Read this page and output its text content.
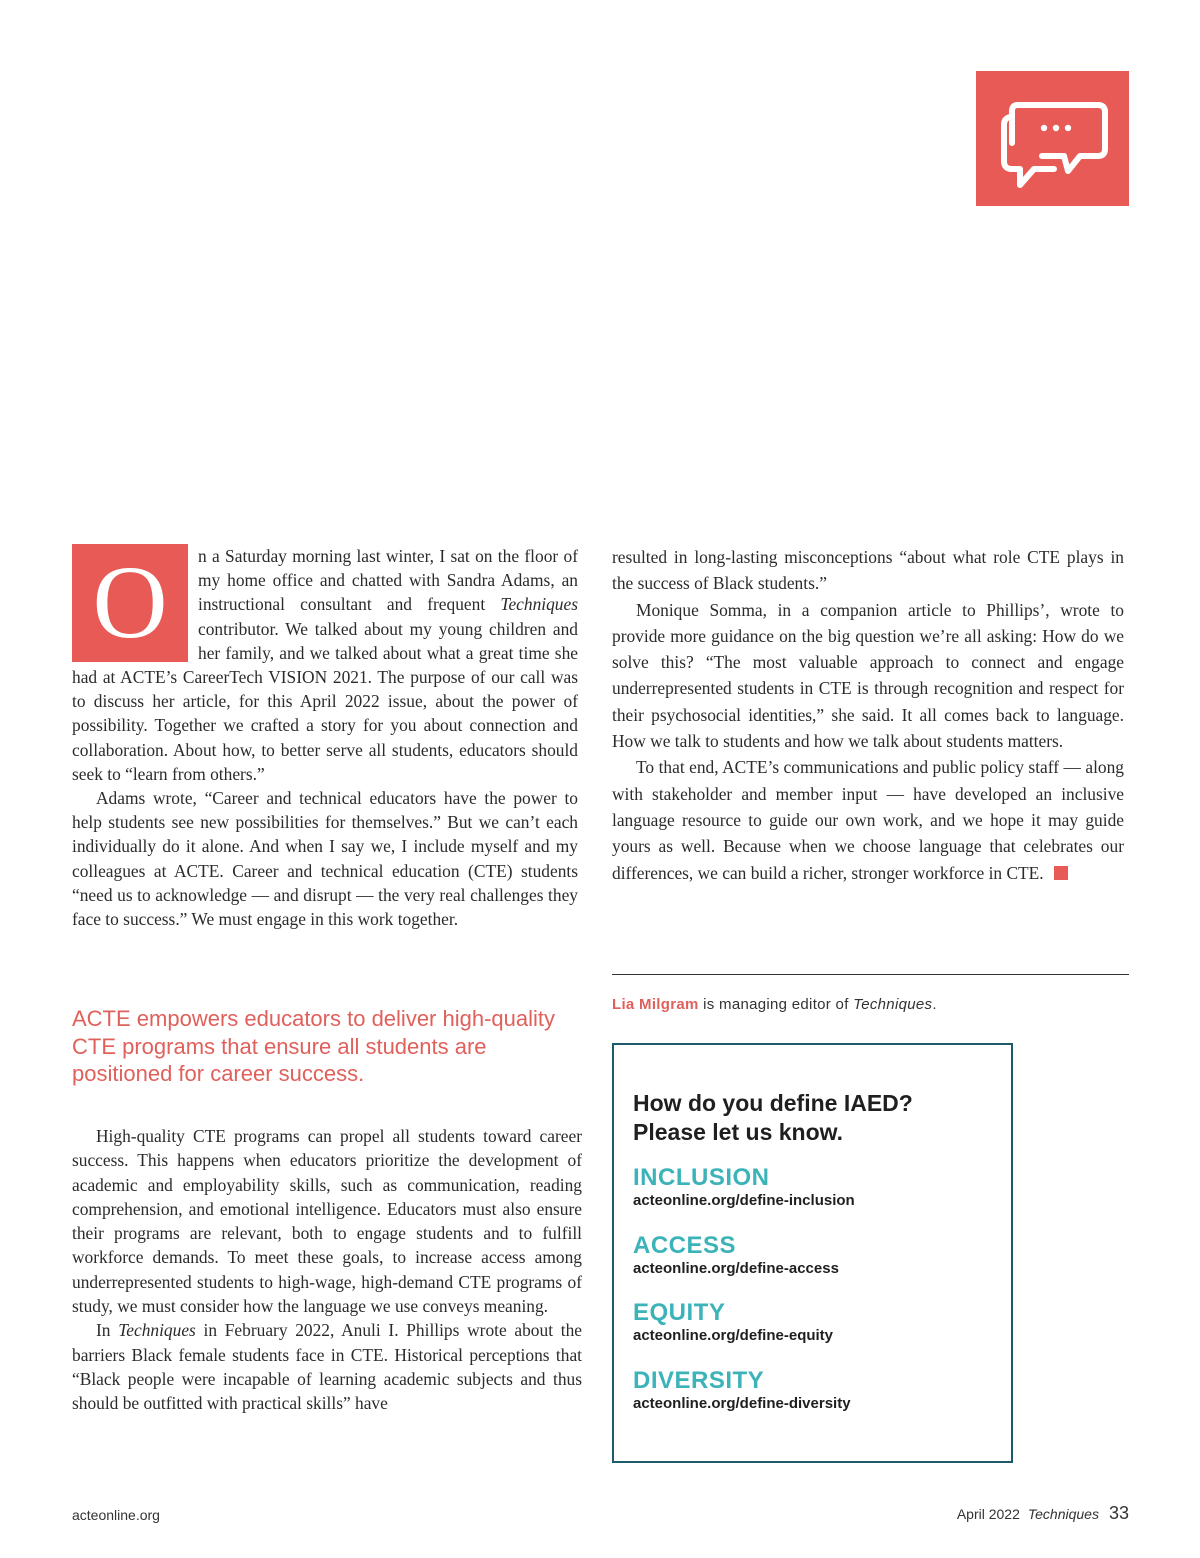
O	n a Saturday morning last winter, I sat on the floor of my home office and chatted with Sandra Adams, an instructional consultant and frequent Techniques contributor. We talked about my young children and her family, and we talked about what a great time she had at ACTE’s CareerTech VISION 2021. The purpose of our call was to discuss her article, for this April 2022 issue, about the power of possibility. Together we crafted a story for you about connection and collaboration. About how, to better serve all students, educators should seek to “learn from others.”

Adams wrote, “Career and technical educators have the power to help students see new possibilities for themselves.” But we can’t each individually do it alone. And when I say we, I include myself and my colleagues at ACTE. Career and technical education (CTE) students “need us to acknowledge — and disrupt — the very real challenges they face to success.” We must engage in this work together.

ACTE empowers educators to deliver high-quality CTE programs that ensure all students are positioned for career success.

High-quality CTE programs can propel all students toward career success. This happens when educators prioritize the development of academic and employability skills, such as communication, reading comprehension, and emotional intelligence. Educators must also ensure their programs are relevant, both to engage students and to fulfill workforce demands. To meet these goals, to increase access among underrepresented students to high-wage, high-demand CTE programs of study, we must consider how the language we use conveys meaning.

In Techniques in February 2022, Anuli I. Phillips wrote about the barriers Black female students face in CTE. Historical perceptions that “Black people were incapable of learning academic subjects and thus should be outfitted with practical skills” have

resulted in long-lasting misconceptions “about what role CTE plays in the success of Black students.”

Monique Somma, in a companion article to Phillips’, wrote to provide more guidance on the big question we’re all asking: How do we solve this? “The most valuable approach to connect and engage underrepresented students in CTE is through recognition and respect for their psychosocial identities,” she said. It all comes back to language. How we talk to students and how we talk about students matters.

To that end, ACTE’s communications and public policy staff — along with stakeholder and member input — have developed an inclusive language resource to guide our own work, and we hope it may guide yours as well. Because when we choose language that celebrates our differences, we can build a richer, stronger workforce in CTE.

Lia Milgram is managing editor of Techniques.
How do you define IAED?
Please let us know.
INCLUSION
acteonline.org/define-inclusion
ACCESS
acteonline.org/define-access
EQUITY
acteonline.org/define-equity
DIVERSITY
acteonline.org/define-diversity
acteonline.org	April 2022 Techniques 33
